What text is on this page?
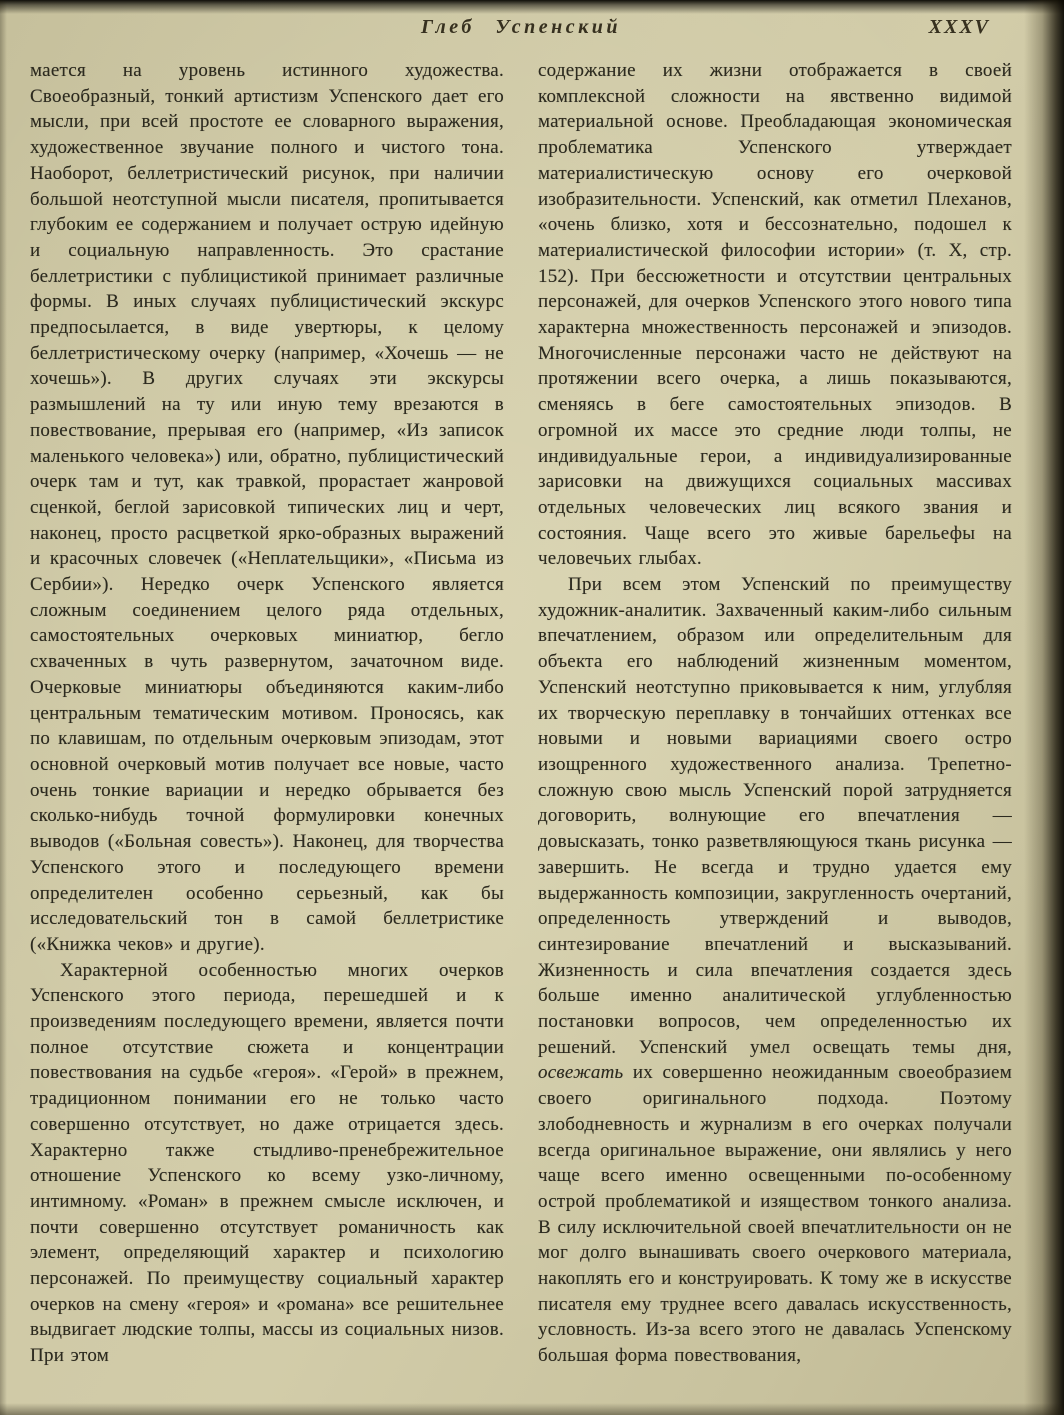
Глеб Успенский	XXXV

мается на уровень истинного художества. Своеобразный, тонкий артистизм Успенского дает его мысли, при всей простоте ее словарного выражения, художественное звучание полного и чистого тона. Наоборот, беллетристический рисунок, при наличии большой неотступной мысли писателя, пропитывается глубоким ее содержанием и получает острую идейную и социальную направленность. Это срастание беллетристики с публицистикой принимает различные формы. В иных случаях публицистический экскурс предпосылается, в виде увертюры, к целому беллетристическому очерку (например, «Хочешь — не хочешь»). В других случаях эти экскурсы размышлений на ту или иную тему врезаются в повествование, прерывая его (например, «Из записок маленького человека») или, обратно, публицистический очерк там и тут, как травкой, прорастает жанровой сценкой, беглой зарисовкой типических лиц и черт, наконец, просто расцветкой ярко-образных выражений и красочных словечек («Неплательщики», «Письма из Сербии»). Нередко очерк Успенского является сложным соединением целого ряда отдельных, самостоятельных очерковых миниатюр, бегло схваченных в чуть развернутом, зачаточном виде. Очерковые миниатюры объединяются каким-либо центральным тематическим мотивом. Проносясь, как по клавишам, по отдельным очерковым эпизодам, этот основной очерковый мотив получает все новые, часто очень тонкие вариации и нередко обрывается без сколько-нибудь точной формулировки конечных выводов («Больная совесть»). Наконец, для творчества Успенского этого и последующего времени определителен особенно серьезный, как бы исследовательский тон в самой беллетристике («Книжка чеков» и другие).

Характерной особенностью многих очерков Успенского этого периода, перешедшей и к произведениям последующего времени, является почти полное отсутствие сюжета и концентрации повествования на судьбе «героя». «Герой» в прежнем, традиционном понимании его не только часто совершенно отсутствует, но даже отрицается здесь. Характерно также стыдливо-пренебрежительное отношение Успенского ко всему узко-личному, интимному. «Роман» в прежнем смысле исключен, и почти совершенно отсутствует романичность как элемент, определяющий характер и психологию персонажей. По преимуществу социальный характер очерков на смену «героя» и «романа» все решительнее выдвигает людские толпы, массы из социальных низов. При этом

содержание их жизни отображается в своей комплексной сложности на явственно видимой материальной основе. Преобладающая экономическая проблематика Успенского утверждает материалистическую основу его очерковой изобразительности. Успенский, как отметил Плеханов, «очень близко, хотя и бессознательно, подошел к материалистической философии истории» (т. X, стр. 152). При бессюжетности и отсутствии центральных персонажей, для очерков Успенского этого нового типа характерна множественность персонажей и эпизодов. Многочисленные персонажи часто не действуют на протяжении всего очерка, а лишь показываются, сменяясь в беге самостоятельных эпизодов. В огромной их массе это средние люди толпы, не индивидуальные герои, а индивидуализированные зарисовки на движущихся социальных массивах отдельных человеческих лиц всякого звания и состояния. Чаще всего это живые барельефы на человечьих глыбах.

При всем этом Успенский по преимуществу художник-аналитик. Захваченный каким-либо сильным впечатлением, образом или определительным для объекта его наблюдений жизненным моментом, Успенский неотступно приковывается к ним, углубляя их творческую переплавку в тончайших оттенках все новыми и новыми вариациями своего остро изощренного художественного анализа. Трепетно-сложную свою мысль Успенский порой затрудняется договорить, волнующие его впечатления — довысказать, тонко разветвляющуюся ткань рисунка — завершить. Не всегда и трудно удается ему выдержанность композиции, закругленность очертаний, определенность утверждений и выводов, синтезирование впечатлений и высказываний. Жизненность и сила впечатления создается здесь больше именно аналитической углубленностью постановки вопросов, чем определенностью их решений. Успенский умел освещать темы дня, освежать их совершенно неожиданным своеобразием своего оригинального подхода. Поэтому злободневность и журнализм в его очерках получали всегда оригинальное выражение, они являлись у него чаще всего именно освещенными по-особенному острой проблематикой и изяществом тонкого анализа. В силу исключительной своей впечатлительности он не мог долго вынашивать своего очеркового материала, накоплять его и конструировать. К тому же в искусстве писателя ему труднее всего давалась искусственность, условность. Из-за всего этого не давалась Успенскому большая форма повествования,
